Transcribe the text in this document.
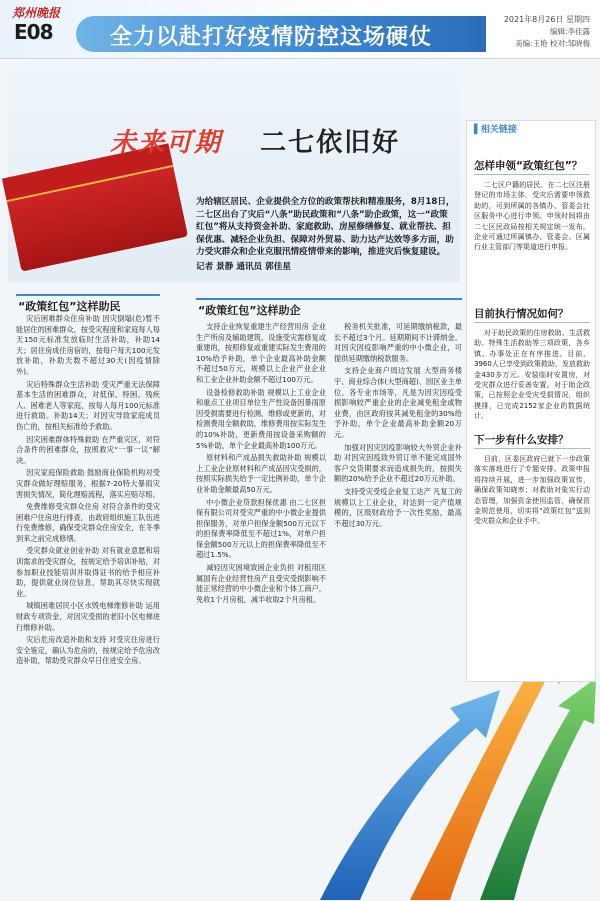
郑州晚报
E08	全力以赴打好疫情防控这场硬仗
2021年8月26日 星期四
编辑:李佳露
美编:王艳 校对:邹晓梅
未来可期 二七依旧好
为给辖区居民、企业提供全方位的政策帮扶和精准服务，8月18日，二七区出台了灾后“八条”助民政策和“八条”助企政策，这一“政策红包”将从支持资金补助、家庭救助、房屋修缮修复、就业帮扶、担保优惠、减轻企业负担、保障对外贸易、助力达产达效等多方面，助力受灾群众和企业克服汛情疫情带来的影响，推进灾后恢复建设。
记者 景静 通讯员 郭佳星
“政策红包”这样助民

灾后困难群众住房补助 因灾倒塌(危)暂不能居住的困难群众，按受灾程度和家庭每人每天150元标准发放临时生活补助，补助14天；居住房成住房宿的，按每户每天100元发放补助，补助天数不超过30天(因疫情除外)。

灾后特殊群众生活补助 受灾严重无法保障基本生活的困难群众，对低保、特困、残疾人、困难老人等家庭，按每人每月100元标准进行救助。补助14天；对因灾导致家庭成员伤亡的，按相关标准给予救助。

因灾困难群体特殊救助 在严重灾区，对符合条件的困难群众，按照救灾“一事一议”解决。

因灾家庭保险救助 鼓励商业保险机构对受灾群众做好理赔服务，根据7-20特大暴雨灾害损失情况，简化理赔流程，落实应赔尽赔。

免费维修受灾群众住房 对符合条件的受灾困难户住房进行排查，由政府组织施工队伍进行免费维修，确保受灾群众住房安全，在冬季到来之前完成修缮。

受灾群众就业创业补助 对有就业意愿和培训需求的受灾群众，按规定给予培训补贴，对参加职业技能培训并取得证书的给予相应补助，提供就业岗位信息，帮助其尽快实现就业。

城镇困难居民小区水毁电梯维修补助 运用财政专项资金，对因灾受损的老旧小区电梯进行维修补助。

灾后危房改造补助和支持 对受灾住房进行安全鉴定，确认为危房的，按规定给予危房改造补助，帮助受灾群众早日住进安全房。

“政策红包”这样助企

支持企业恢复重建生产经营用房 企业生产所房及辅助建筑、设施受灾需修复或重建的，按照修复或重建实际发生费用的10%给予补助，单个企业最高补助金额不超过50万元，规模以上企业产业企业和工业企业补助金额不超过100万元。

设备检修救助补助 规模以上工业企业和重点工业项目单位生产性设备因暴雨原因受损需要进行检测、维修或更新的，对检测费用全额救助，维修费用按实际发生的10%补助，更新费用按设备采购额的5%补助，单个企业最高补助100万元。

原材料和产成品损失救助补助 规模以上工业企业原材料和产成品因灾受损的，按照实际损失给予一定比例补助，单个企业补助金额最高50万元。

中小微企业贷款担保优惠 由二七区担保有限公司对受灾严重的中小微企业提供担保服务，对单户担保金额500万元以下的担保费率降低至不超过1%，对单户担保金额500万元以上的担保费率降低至不超过1.5%。

减轻因灾困境致困企业负担 对租用区属国有企业经营性房产且受灾受损影响不能正常经营的中小微企业和个体工商户，免收1个月房租，减半收取2个月房租。

税务机关批准，可延期缴纳税款，最长不超过3个月。延期期间不计滞纳金。对因灾因疫影响严重的中小微企业，可提供延期缴纳税款服务。

支持企业商户周边发展 大型商务楼宇、商业综合体(大型商超)、园区业主单位、各专业市场等，凡是为因灾因疫受损影响较严重企业的企业减免租金或物业费，由区政府按其减免租金的30%给予补助，单个企业最高补助金额20万元。

加强对因灾因疫影响较大外贸企业补助 对因灾因疫致外贸订单不能完成国外客户交货期要求而造成损失的，按损失额的20%给予企业不超过20万元补助。

支持受灾受疫企业复工达产 凡复工的规模以上工业企业，对达到一定产值规模的，区级财政给予一次性奖励，最高不超过30万元。

▌相关链接
怎样申领“政策红包”？

二七区户籍的居民、在二七区注册登记的市场主体，受灾后需要申领救助的，可到所属的各镇办、管委会社区服务中心进行申领。申领时间将由二七区民政局按相关规定统一发布。企业可通过所属镇办、管委会、区属行业主管部门等渠道进行申报。

目前执行情况如何？

对于助民政策的住房救助、生活救助、特殊生活救助等三项政策，各乡镇、办事处正在有序推进。目前，3960人已享受到政策救助，发放救助金430多万元。安装临时安置房，对受灾群众进行妥善安置。对于助企政策，已按照企业受灾受损情况，组织摸排，已完成2152家企业的数据统计。

下一步有什么安排？

目前，区委区政府已就下一步政策落实落地进行了专题安排。政策申报将持续开展，进一步加强政策宣传，确保政策知晓率；对救助对象实行动态管理，加强资金使用监管，确保资金规范使用，切实将“政策红包”送到受灾群众和企业手中。
